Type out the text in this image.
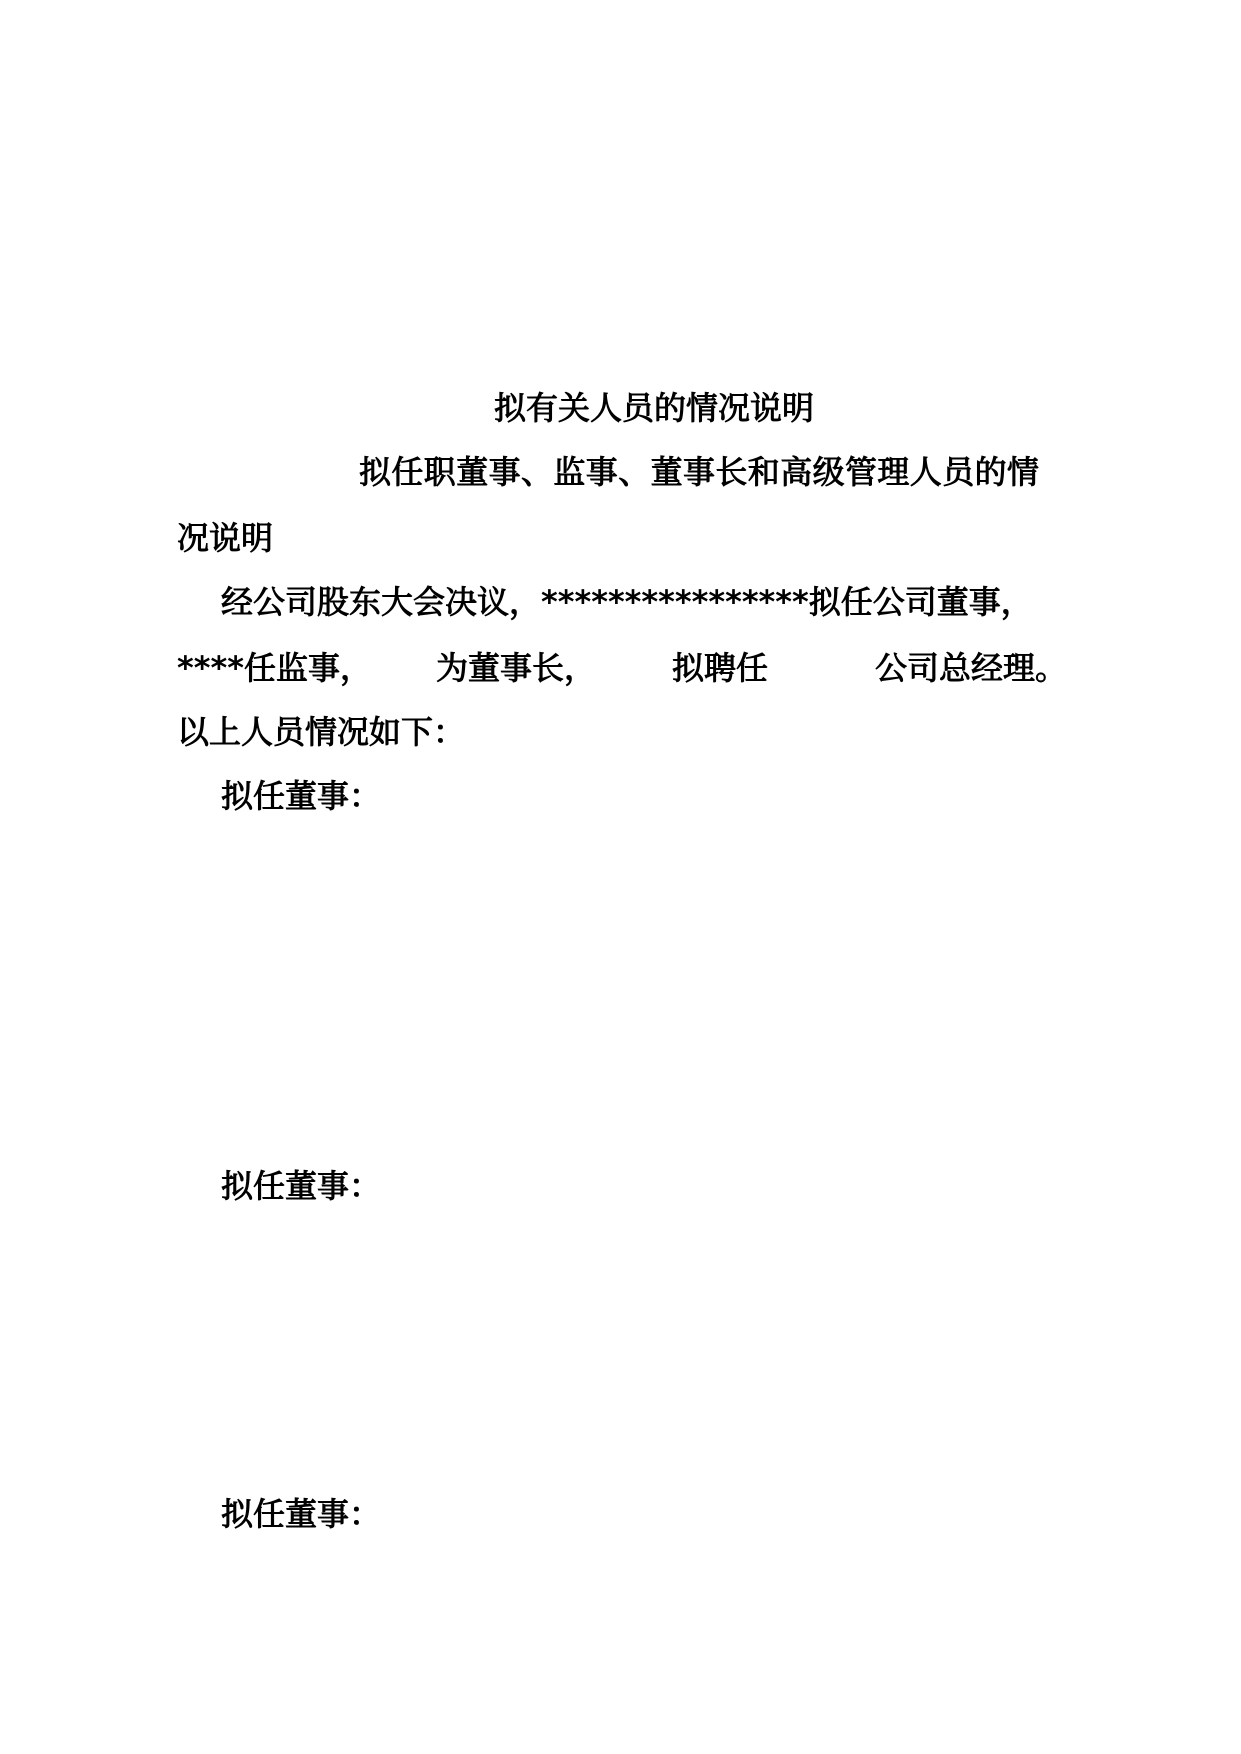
拟有关人员的情况说明
拟任职董事、监事、董事长和高级管理人员的情
况说明
经公司股东大会决议，****************拟任公司董事，

****任监事，

为董事长，

拟聘任

	公司总经理。

以上人员情况如下：
拟任董事：
拟任董事：
拟任董事：
